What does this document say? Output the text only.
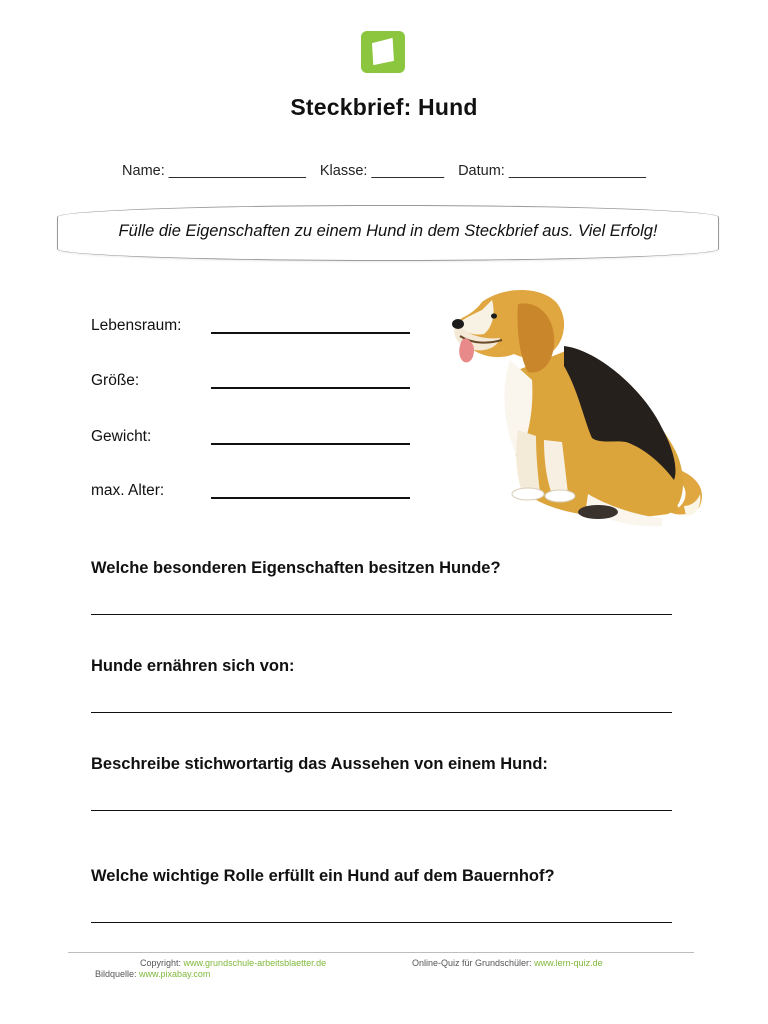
Steckbrief: Hund
Name: _________________ Klasse: _________ Datum: _________________
Fülle die Eigenschaften zu einem Hund in dem Steckbrief aus. Viel Erfolg!
Lebensraum:
Größe:
Gewicht:
max. Alter:
Welche besonderen Eigenschaften besitzen Hunde?
Hunde ernähren sich von:
Beschreibe stichwortartig das Aussehen von einem Hund:
Welche wichtige Rolle erfüllt ein Hund auf dem Bauernhof?
Copyright: www.grundschule-arbeitsblaetter.de	Online-Quiz für Grundschüler: www.lern-quiz.de
Bildquelle: www.pixabay.com
